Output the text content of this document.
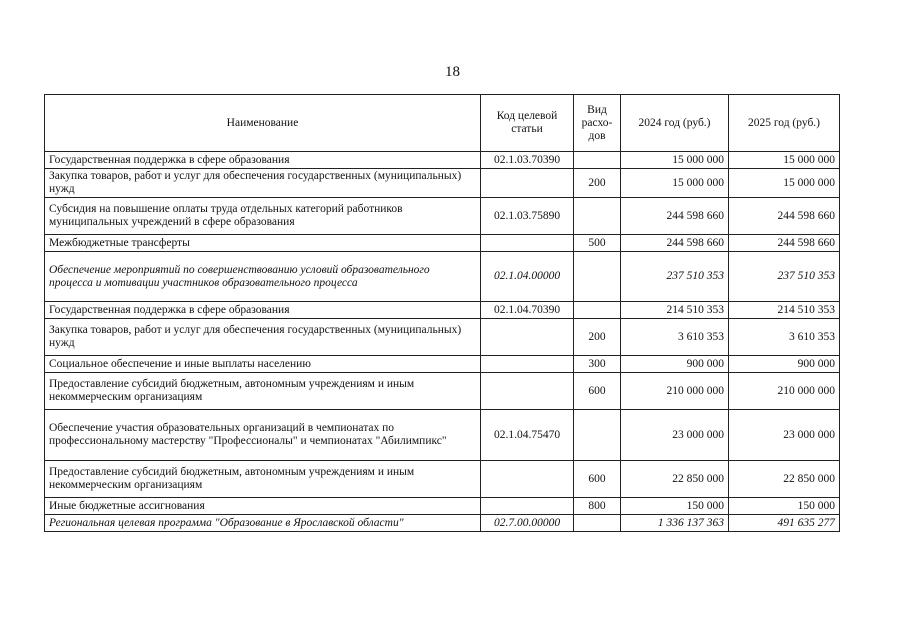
18
Наименование	Код целевой статьи	Вид расхо-дов	2024 год (руб.)	2025 год (руб.)
Государственная поддержка в сфере образования	02.1.03.70390		15 000 000	15 000 000
Закупка товаров, работ и услуг для обеспечения государственных (муниципальных) нужд		200	15 000 000	15 000 000
Субсидия на повышение оплаты труда отдельных категорий работников муниципальных учреждений в сфере образования	02.1.03.75890		244 598 660	244 598 660
Межбюджетные трансферты		500	244 598 660	244 598 660
Обеспечение мероприятий по совершенствованию условий образовательного процесса и мотивации участников образовательного процесса	02.1.04.00000		237 510 353	237 510 353
Государственная поддержка в сфере образования	02.1.04.70390		214 510 353	214 510 353
Закупка товаров, работ и услуг для обеспечения государственных (муниципальных) нужд		200	3 610 353	3 610 353
Социальное обеспечение и иные выплаты населению		300	900 000	900 000
Предоставление субсидий бюджетным, автономным учреждениям и иным некоммерческим организациям		600	210 000 000	210 000 000
Обеспечение участия образовательных организаций в чемпионатах по профессиональному мастерству "Профессионалы" и чемпионатах "Абилимпикс"	02.1.04.75470		23 000 000	23 000 000
Предоставление субсидий бюджетным, автономным учреждениям и иным некоммерческим организациям		600	22 850 000	22 850 000
Иные бюджетные ассигнования		800	150 000	150 000
Региональная целевая программа "Образование в Ярославской области"	02.7.00.00000		1 336 137 363	491 635 277
